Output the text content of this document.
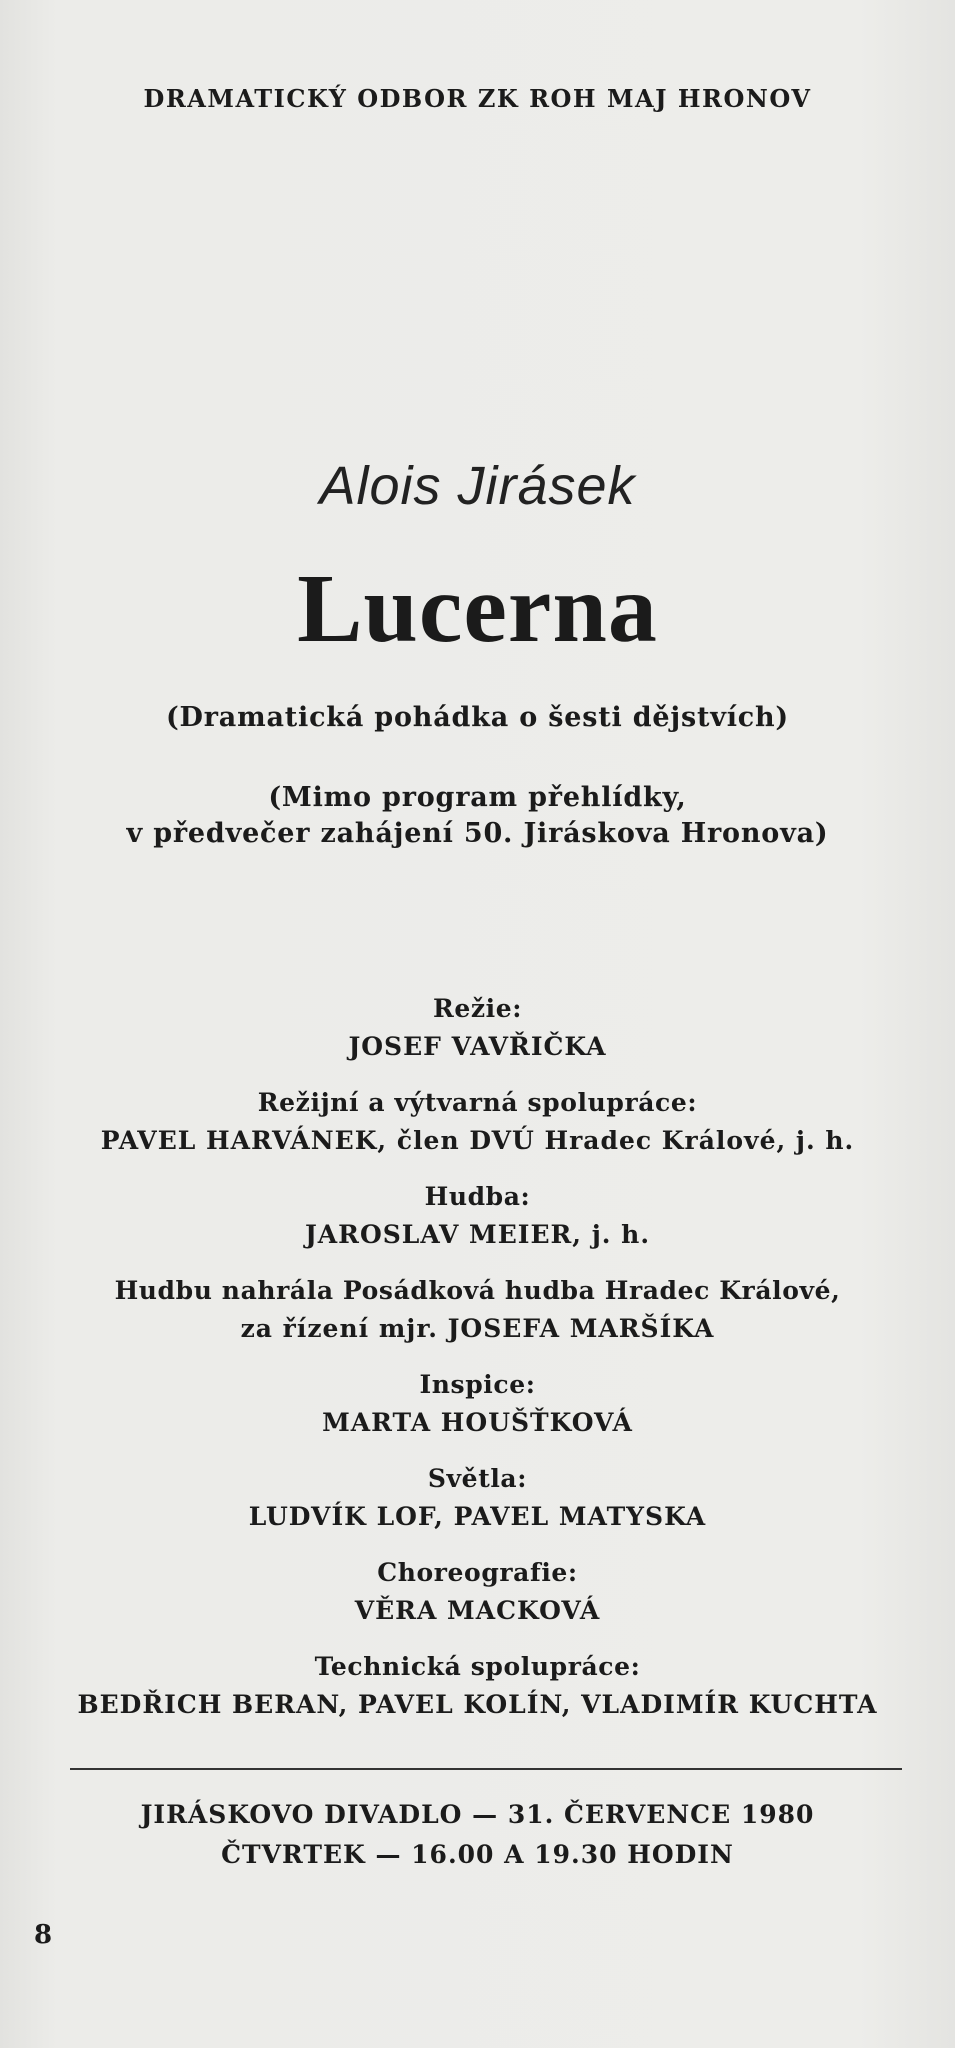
DRAMATICKÝ ODBOR ZK ROH MAJ HRONOV
Alois Jirásek
Lucerna
(Dramatická pohádka o šesti dějstvích)
(Mimo program přehlídky,
v předvečer zahájení 50. Jiráskova Hronova)
Režie:
JOSEF VAVŘIČKA
Režijní a výtvarná spolupráce:
PAVEL HARVÁNEK, člen DVÚ Hradec Králové, j. h.
Hudba:
JAROSLAV MEIER, j. h.
Hudbu nahrála Posádková hudba Hradec Králové,
za řízení mjr. JOSEFA MARŠÍKA
Inspice:
MARTA HOUŠŤKOVÁ
Světla:
LUDVÍK LOF, PAVEL MATYSKA
Choreografie:
VĚRA MACKOVÁ
Technická spolupráce:
BEDŘICH BERAN, PAVEL KOLÍN, VLADIMÍR KUCHTA
JIRÁSKOVO DIVADLO — 31. ČERVENCE 1980
ČTVRTEK — 16.00 A 19.30 HODIN
8
